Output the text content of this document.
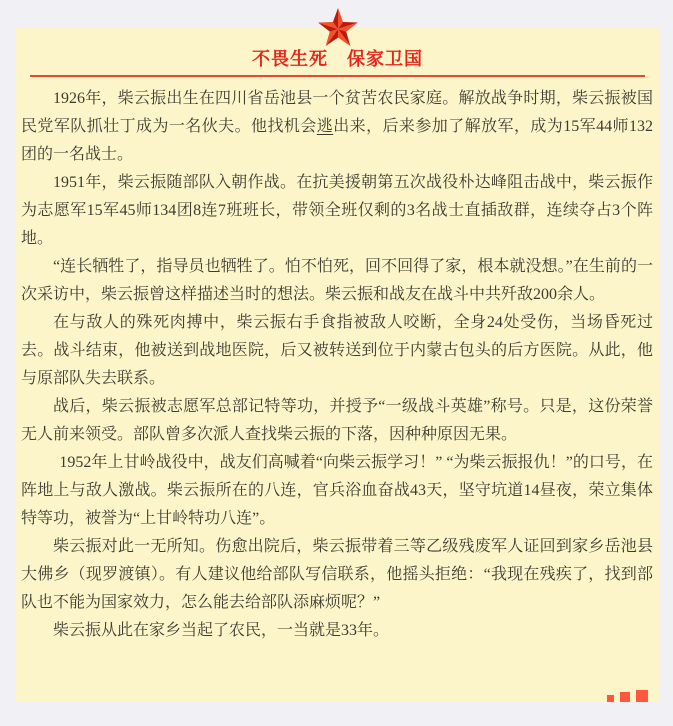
不畏生死　保家卫国

1926年，柴云振出生在四川省岳池县一个贫苦农民家庭。解放战争时期，柴云振被国民党军队抓壮丁成为一名伙夫。他找机会逃出来，后来参加了解放军，成为15军44师132团的一名战士。

1951年，柴云振随部队入朝作战。在抗美援朝第五次战役朴达峰阻击战中，柴云振作为志愿军15军45师134团8连7班班长，带领全班仅剩的3名战士直插敌群，连续夺占3个阵地。

“连长牺牲了，指导员也牺牲了。怕不怕死，回不回得了家，根本就没想。”在生前的一次采访中，柴云振曾这样描述当时的想法。柴云振和战友在战斗中共歼敌200余人。

在与敌人的殊死肉搏中，柴云振右手食指被敌人咬断，全身24处受伤，当场昏死过去。战斗结束，他被送到战地医院，后又被转送到位于内蒙古包头的后方医院。从此，他与原部队失去联系。

战后，柴云振被志愿军总部记特等功，并授予“一级战斗英雄”称号。只是，这份荣誉无人前来领受。部队曾多次派人查找柴云振的下落，因种种原因无果。

1952年上甘岭战役中，战友们高喊着“向柴云振学习！” “为柴云振报仇！”的口号，在阵地上与敌人激战。柴云振所在的八连，官兵浴血奋战43天，坚守坑道14昼夜，荣立集体特等功，被誉为“上甘岭特功八连”。

柴云振对此一无所知。伤愈出院后，柴云振带着三等乙级残废军人证回到家乡岳池县大佛乡（现罗渡镇）。有人建议他给部队写信联系，他摇头拒绝：“我现在残疾了，找到部队也不能为国家效力，怎么能去给部队添麻烦呢？”

柴云振从此在家乡当起了农民，一当就是33年。
